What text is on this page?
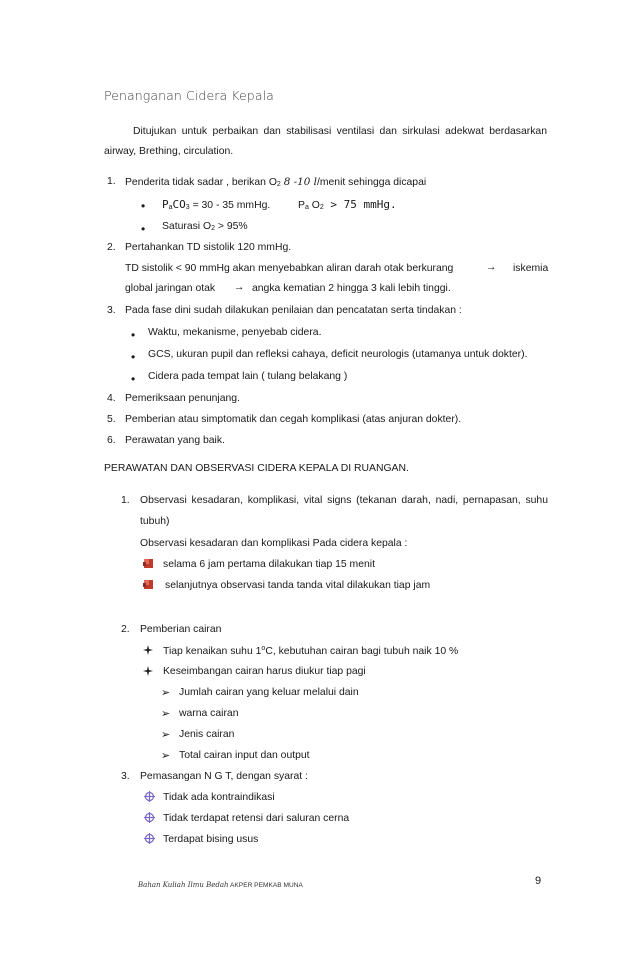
Penanganan Cidera Kepala
Ditujukan untuk perbaikan dan stabilisasi ventilasi dan sirkulasi adekwat berdasarkan
airway, Brething, circulation.
1. Penderita tidak sadar , berikan O2 8 -10 l/menit sehingga dicapai
• PaCO3 = 30 - 35 mmHg.	Pa O2 > 75 mmHg.
• Saturasi O2 > 95%
2. Pertahankan TD sistolik 120 mmHg.
TD sistolik < 90 mmHg akan menyebabkan aliran darah otak berkurang	→ iskemia
global jaringan otak → angka kematian 2 hingga 3 kali lebih tinggi.
3. Pada fase dini sudah dilakukan penilaian dan pencatatan serta tindakan :
• Waktu, mekanisme, penyebab cidera.
• GCS, ukuran pupil dan refleksi cahaya, deficit neurologis (utamanya untuk dokter).
• Cidera pada tempat lain ( tulang belakang )
4. Pemeriksaan penunjang.
5. Pemberian atau simptomatik dan cegah komplikasi (atas anjuran dokter).
6. Perawatan yang baik.
PERAWATAN DAN OBSERVASI CIDERA KEPALA DI RUANGAN.
1. Observasi kesadaran, komplikasi, vital signs (tekanan darah, nadi, pernapasan, suhu
tubuh)
Observasi kesadaran dan komplikasi Pada cidera kepala :
selama 6 jam pertama dilakukan tiap 15 menit
selanjutnya observasi tanda tanda vital dilakukan tiap jam
2. Pemberian cairan
Tiap kenaikan suhu 1$^o$C, kebutuhan cairan bagi tubuh naik 10 %
Keseimbangan cairan harus diukur tiap pagi
➢ Jumlah cairan yang keluar melalui dain
➢ warna cairan
➢ Jenis cairan
➢ Total cairan input dan output
3. Pemasangan N G T, dengan syarat :
Tidak ada kontraindikasi
Tidak terdapat retensi dari saluran cerna
Terdapat bising usus
Bahan Kuliah Ilmu Bedah AKPER PEMKAB MUNA	9
